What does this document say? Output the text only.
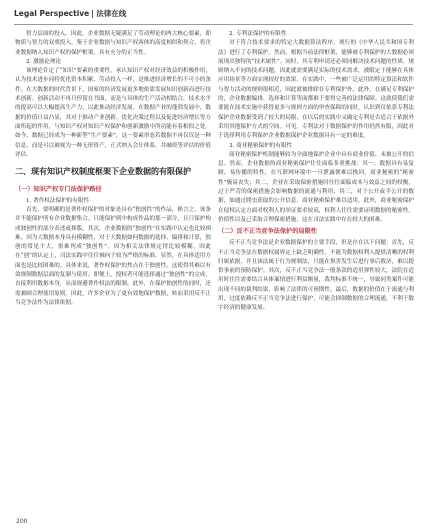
Legal Perspective 法律在线

智力层面的投入。因此，企业数据无疑满足了劳动理论的两大核心要素，即物质与智力的双重投入。鉴于企业数据与知识产权客体的高度相似和契合，将企业数据纳入知识产权的保护框架，具有充分的正当性。

2. 激励论理论

该理论肯定了“知识”要素的重要性，承认知识产权对经济效益的积极作用，认为技术进步同将优化资本积累、劳动投入一样，是推进经济增长的不可小的条件。在大数据的时代背景下，国家的经济发展更多地依靠发展知识创新而进行技术创新。创新活动不再只停留在书面，而是与具体的生产活动相结合，技术水平的提高可以大幅提高生产力，以此推动经济发展。在数据产业的蓬勃发展中，数据的价值日益凸显，其对于推动产业创新、优化决策过程以及促进经济增长等方面所起的作用，与知识产权对知识产权保护和创新激励中所功能有着相似之处。如今，数据已经成为一种新型“生产要素”，这一要素形态若数据不再仅仅是一种信息，而是可以被视为一种无形资产，正式纳入会计体系，并融资等评估的价值评估。

二、现有知识产权制度框架下企业数据的有限保护
（一）知识产权专门法保护路径

1. 著作权法保护的有限性

首先，要明确的是著作权保护的对象是具有“独创性”的作品，换言之，该条并不能保护所有企业数据集合。只能保护到中构成作品的那一部分，且只保护构成独创性的部分表述或排版。其次，企业数据的“独创性”在实践中认定也比较困难，因为大数据本身具有模糊性，对于大数据如何数据的选择、编排和计算，独创的常见不大，很难判成“独创性”。因为相关法律规定得比较模糊，因此在“创”的认定上，司法实践中往往倾向于较为严格的标准，显然，在具体适用方面也是比较困难的。具体来说，著作权保护的焦点在于独创性，这使得其难以有效规制数据层面的复制与使用。即便上，授权者可能选择通过“独创性”的完成，直接利用数据本身，从而规避著作权法的限制。此外，在保护独创性的同时，还需兼顾合理使用原则。因此，许多企业为了更有效地保护数据，转而采用反不正当竞争法作为法律依据。

2. 专利法保护的有限性

对于符合技术要求的特定大数据算法程序，现行的《中华人民共和国专利法》进行了专利保护。然而，根据当前法律框架，能够被专利保护的大数据必须展现出独特的“技术属性”。同时，其专利申请还必须同解决技术问题的性质、规则纳入不同的技术问题，因此就需要满足实际的技术需求，被限定于能够在具体应用场景等方面实现较好的效果。在实践中，一些被广泛运用的特定算法和软件与智力活动的规则很相近，因此就被排除在专利保护外。此外，在满足专利保护的，企业数据编排、选择和计算等面都难于要得完善的法律保障。这就使我们需要能在技术实施中获得更多与规则方面的审查保障的同时，认识到仅依靠专利法保护企业数据受到了较大的局限，在以后的实践中又确定专利是否适合于依据外采用其他保护方式的空间。可见，专利法对于数据保护的作用仍然有限，因此对于选择利用专利保护企业数据保护企业数据具有一定的难度。

3. 商业秘密保护的有限性

商业秘密保护机制能够较为全面地保护企业中具有商业价值、未被公开的信息。然而，企业数据的商业秘密保护往往面临多重挑战：其一，数据具有易复制、易传播的特性，在互联网环境中一旦泄露便难以挽回，商业秘密的“秘密性”极易丧失；其二，企业在采取保密措施时往往面临成本与效益之间的权衡，过于严苛的保密措施会影响数据的流通与利用；其三，对于公开或半公开的数据，如通过爬虫获取的公开信息，商业秘密保护难以适用。此外，商业秘密保护在侵权认定方面对权利人的举证要求较高，权利人往往需要证明数据的秘密性、价值性以及已采取合理保密措施，这在司法实践中存在较大的困难。

（二）反不正当竞争法保护的局限性

反不正当竞争法是企业数据保护的主要手段，但是存在以下问题：首先，反不正当竞争法在数据权属界定上缺乏明确性，不能为数据权利人提供清晰的权利归属依据，并且该法属于行为规制法，只能在损害发生后进行事后救济，难以提供事前的预防保护。其次，反不正当竞争法一般条款的适用弹性较大，法院在适用时往往需要结合具体案情进行利益衡量，裁判标准不统一，导致同类案件可能出现不同的裁判结果，影响了法律的可预期性。最后，数据的价值在于流通与利用，过度依赖反不正当竞争法进行保护，可能会抑制数据的合理流通，不利于数字经济的健康发展。

200
